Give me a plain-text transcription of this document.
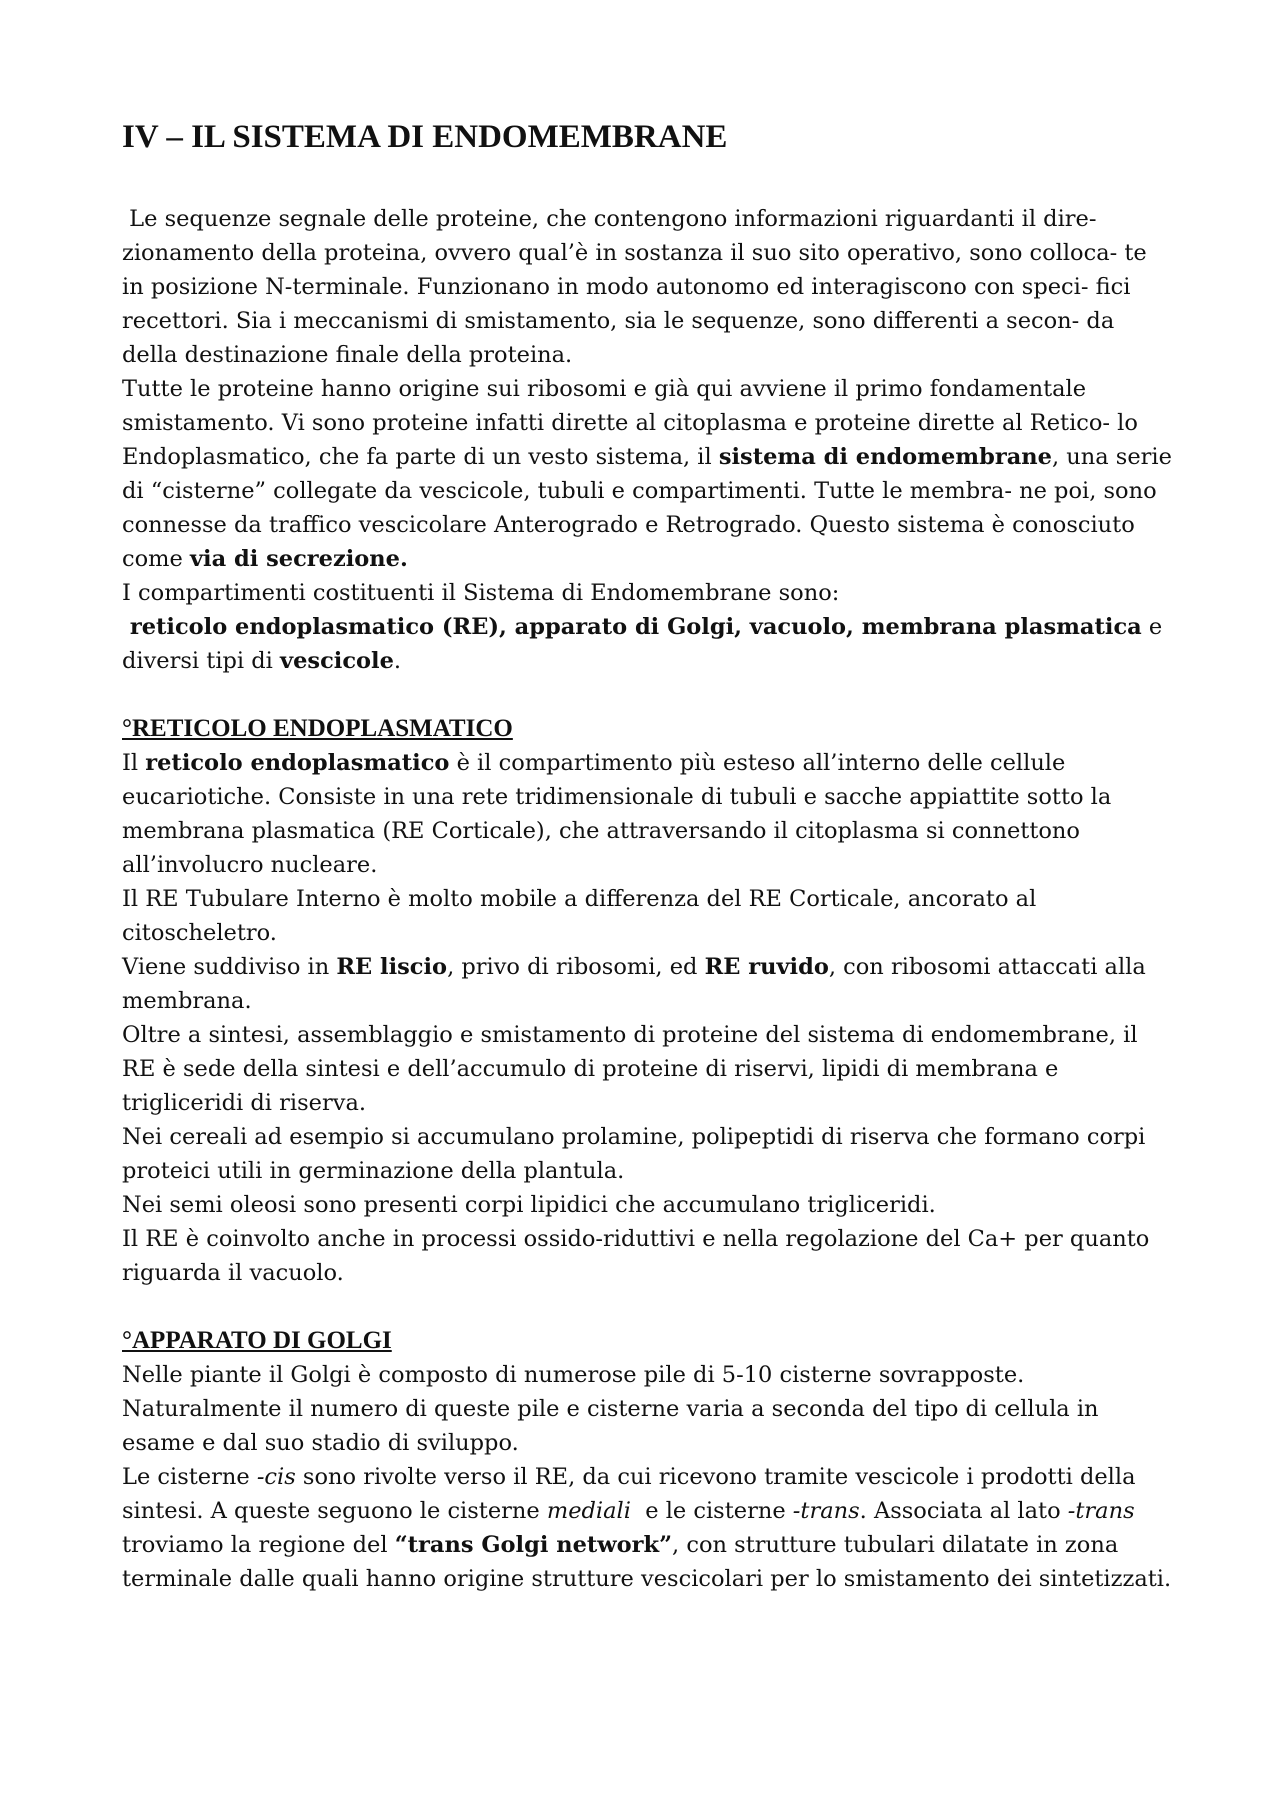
IV – IL SISTEMA DI ENDOMEMBRANE

Le sequenze segnale delle proteine, che contengono informazioni riguardanti il dire- zionamento della proteina, ovvero qual’è in sostanza il suo sito operativo, sono colloca- te in posizione N-terminale. Funzionano in modo autonomo ed interagiscono con speci- fici recettori. Sia i meccanismi di smistamento, sia le sequenze, sono differenti a secon- da della destinazione finale della proteina.

Tutte le proteine hanno origine sui ribosomi e già qui avviene il primo fondamentale smistamento. Vi sono proteine infatti dirette al citoplasma e proteine dirette al Retico- lo Endoplasmatico, che fa parte di un vesto sistema, il sistema di endomembrane, una serie di “cisterne” collegate da vescicole, tubuli e compartimenti. Tutte le membra- ne poi, sono connesse da traffico vescicolare Anterogrado e Retrogrado. Questo sistema è conosciuto come via di secrezione.

I compartimenti costituenti il Sistema di Endomembrane sono:

reticolo endoplasmatico (RE), apparato di Golgi, vacuolo, membrana plasmatica e diversi tipi di vescicole.

°RETICOLO ENDOPLASMATICO

Il reticolo endoplasmatico è il compartimento più esteso all’interno delle cellule eucariotiche. Consiste in una rete tridimensionale di tubuli e sacche appiattite sotto la membrana plasmatica (RE Corticale), che attraversando il citoplasma si connettono all’involucro nucleare.

Il RE Tubulare Interno è molto mobile a differenza del RE Corticale, ancorato al citoscheletro.

Viene suddiviso in RE liscio, privo di ribosomi, ed RE ruvido, con ribosomi attaccati alla membrana.

Oltre a sintesi, assemblaggio e smistamento di proteine del sistema di endomembrane, il RE è sede della sintesi e dell’accumulo di proteine di riservi, lipidi di membrana e trigliceridi di riserva.

Nei cereali ad esempio si accumulano prolamine, polipeptidi di riserva che formano corpi proteici utili in germinazione della plantula.

Nei semi oleosi sono presenti corpi lipidici che accumulano trigliceridi.

Il RE è coinvolto anche in processi ossido-riduttivi e nella regolazione del Ca+ per quanto riguarda il vacuolo.

°APPARATO DI GOLGI

Nelle piante il Golgi è composto di numerose pile di 5-10 cisterne sovrapposte.

Naturalmente il numero di queste pile e cisterne varia a seconda del tipo di cellula in esame e dal suo stadio di sviluppo.

Le cisterne -cis sono rivolte verso il RE, da cui ricevono tramite vescicole i prodotti della sintesi. A queste seguono le cisterne mediali  e le cisterne -trans. Associata al lato -trans troviamo la regione del “trans Golgi network”, con strutture tubulari dilatate in zona terminale dalle quali hanno origine strutture vescicolari per lo smistamento dei sintetizzati.
